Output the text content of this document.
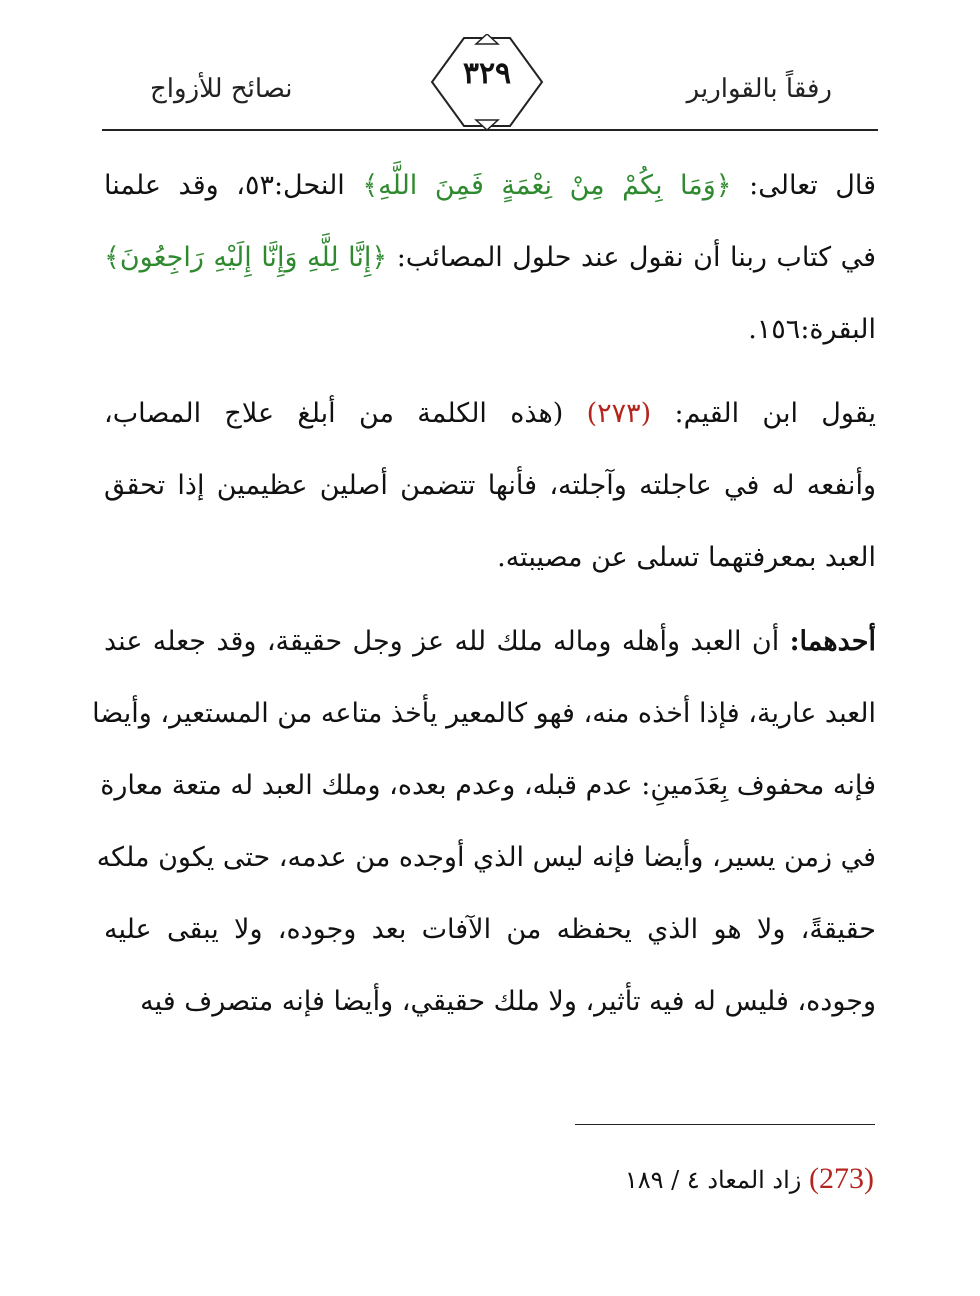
رفقاً بالقوارير
نصائح للأزواج	٣٢٩
قال تعالى: ﴿وَمَا بِكُمْ مِنْ نِعْمَةٍ فَمِنَ اللَّهِ﴾ النحل:٥٣، وقد علمنا
في كتاب ربنا أن نقول عند حلول المصائب: ﴿إِنَّا لِلَّهِ وَإِنَّا إِلَيْهِ رَاجِعُونَ﴾
البقرة:١٥٦.
يقول ابن القيم: (٢٧٣) (هذه الكلمة من أبلغ علاج المصاب،
وأنفعه له في عاجلته وآجلته، فأنها تتضمن أصلين عظيمين إذا تحقق
العبد بمعرفتهما تسلى عن مصيبته.
أحدهما: أن العبد وأهله وماله ملك لله عز وجل حقيقة، وقد جعله عند
العبد عارية، فإذا أخذه منه، فهو كالمعير يأخذ متاعه من المستعير، وأيضا
فإنه محفوف بِعَدَمينِ: عدم قبله، وعدم بعده، وملك العبد له متعة معارة
في زمن يسير، وأيضا فإنه ليس الذي أوجده من عدمه، حتى يكون ملكه
حقيقةً، ولا هو الذي يحفظه من الآفات بعد وجوده، ولا يبقى عليه
وجوده، فليس له فيه تأثير، ولا ملك حقيقي، وأيضا فإنه متصرف فيه
(273) زاد المعاد ٤ / ١٨٩
